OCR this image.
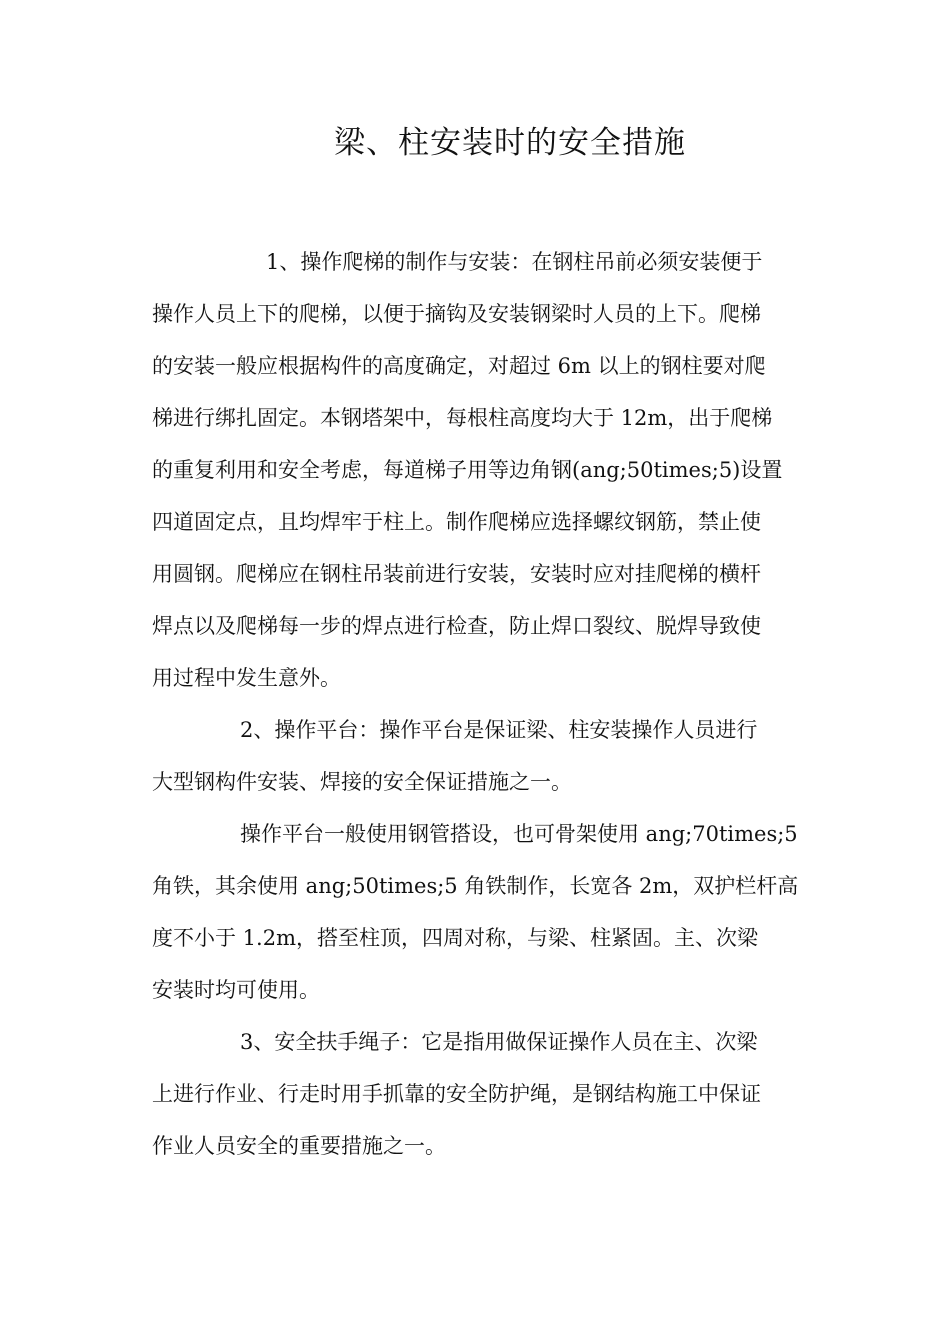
梁、柱安装时的安全措施
1、操作爬梯的制作与安装：在钢柱吊前必须安装便于
操作人员上下的爬梯，以便于摘钩及安装钢梁时人员的上下。爬梯
的安装一般应根据构件的高度确定，对超过 6m 以上的钢柱要对爬
梯进行绑扎固定。本钢塔架中，每根柱高度均大于 12m，出于爬梯
的重复利用和安全考虑，每道梯子用等边角钢(ang;50times;5)设置
四道固定点，且均焊牢于柱上。制作爬梯应选择螺纹钢筋，禁止使
用圆钢。爬梯应在钢柱吊装前进行安装，安装时应对挂爬梯的横杆
焊点以及爬梯每一步的焊点进行检查，防止焊口裂纹、脱焊导致使
用过程中发生意外。
2、操作平台：操作平台是保证梁、柱安装操作人员进行
大型钢构件安装、焊接的安全保证措施之一。
操作平台一般使用钢管搭设，也可骨架使用 ang;70times;5
角铁，其余使用 ang;50times;5 角铁制作，长宽各 2m，双护栏杆高
度不小于 1.2m，搭至柱顶，四周对称，与梁、柱紧固。主、次梁
安装时均可使用。
3、安全扶手绳子：它是指用做保证操作人员在主、次梁
上进行作业、行走时用手抓靠的安全防护绳，是钢结构施工中保证
作业人员安全的重要措施之一。
